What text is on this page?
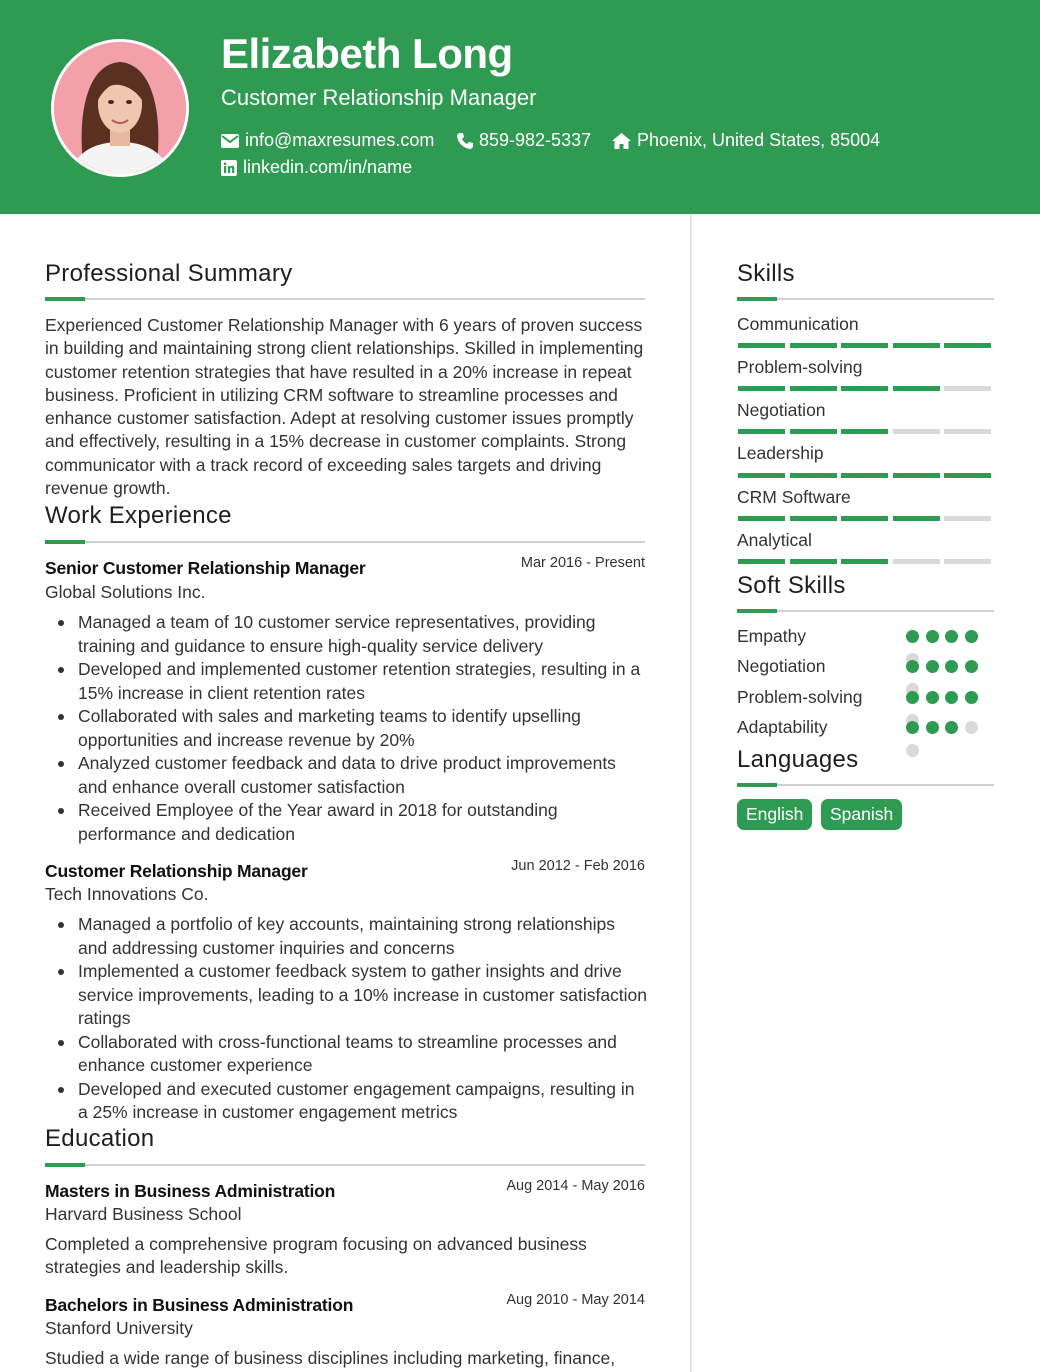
Elizabeth Long
Customer Relationship Manager
info@maxresumes.com 859-982-5337	Phoenix, United States, 85004
linkedin.com/in/name
Professional Summary
Experienced Customer Relationship Manager with 6 years of proven success in building and maintaining strong client relationships. Skilled in implementing customer retention strategies that have resulted in a 20% increase in repeat business. Proficient in utilizing CRM software to streamline processes and enhance customer satisfaction. Adept at resolving customer issues promptly and effectively, resulting in a 15% decrease in customer complaints. Strong communicator with a track record of exceeding sales targets and driving revenue growth.
Work Experience
Senior Customer Relationship Manager	Mar 2016 - Present
Global Solutions Inc.
Managed a team of 10 customer service representatives, providing training and guidance to ensure high-quality service delivery
Developed and implemented customer retention strategies, resulting in a 15% increase in client retention rates
Collaborated with sales and marketing teams to identify upselling opportunities and increase revenue by 20%
Analyzed customer feedback and data to drive product improvements and enhance overall customer satisfaction
Received Employee of the Year award in 2018 for outstanding performance and dedication
Customer Relationship Manager	Jun 2012 - Feb 2016
Tech Innovations Co.
Managed a portfolio of key accounts, maintaining strong relationships and addressing customer inquiries and concerns
Implemented a customer feedback system to gather insights and drive service improvements, leading to a 10% increase in customer satisfaction ratings
Collaborated with cross-functional teams to streamline processes and enhance customer experience
Developed and executed customer engagement campaigns, resulting in a 25% increase in customer engagement metrics
Education
Masters in Business Administration	Aug 2014 - May 2016
Harvard Business School
Completed a comprehensive program focusing on advanced business strategies and leadership skills.
Bachelors in Business Administration	Aug 2010 - May 2014
Stanford University
Studied a wide range of business disciplines including marketing, finance,
Skills
Communication
Problem-solving
Negotiation
Leadership
CRM Software
Analytical
Soft Skills
Empathy
Negotiation
Problem-solving
Adaptability
Languages
English	Spanish
